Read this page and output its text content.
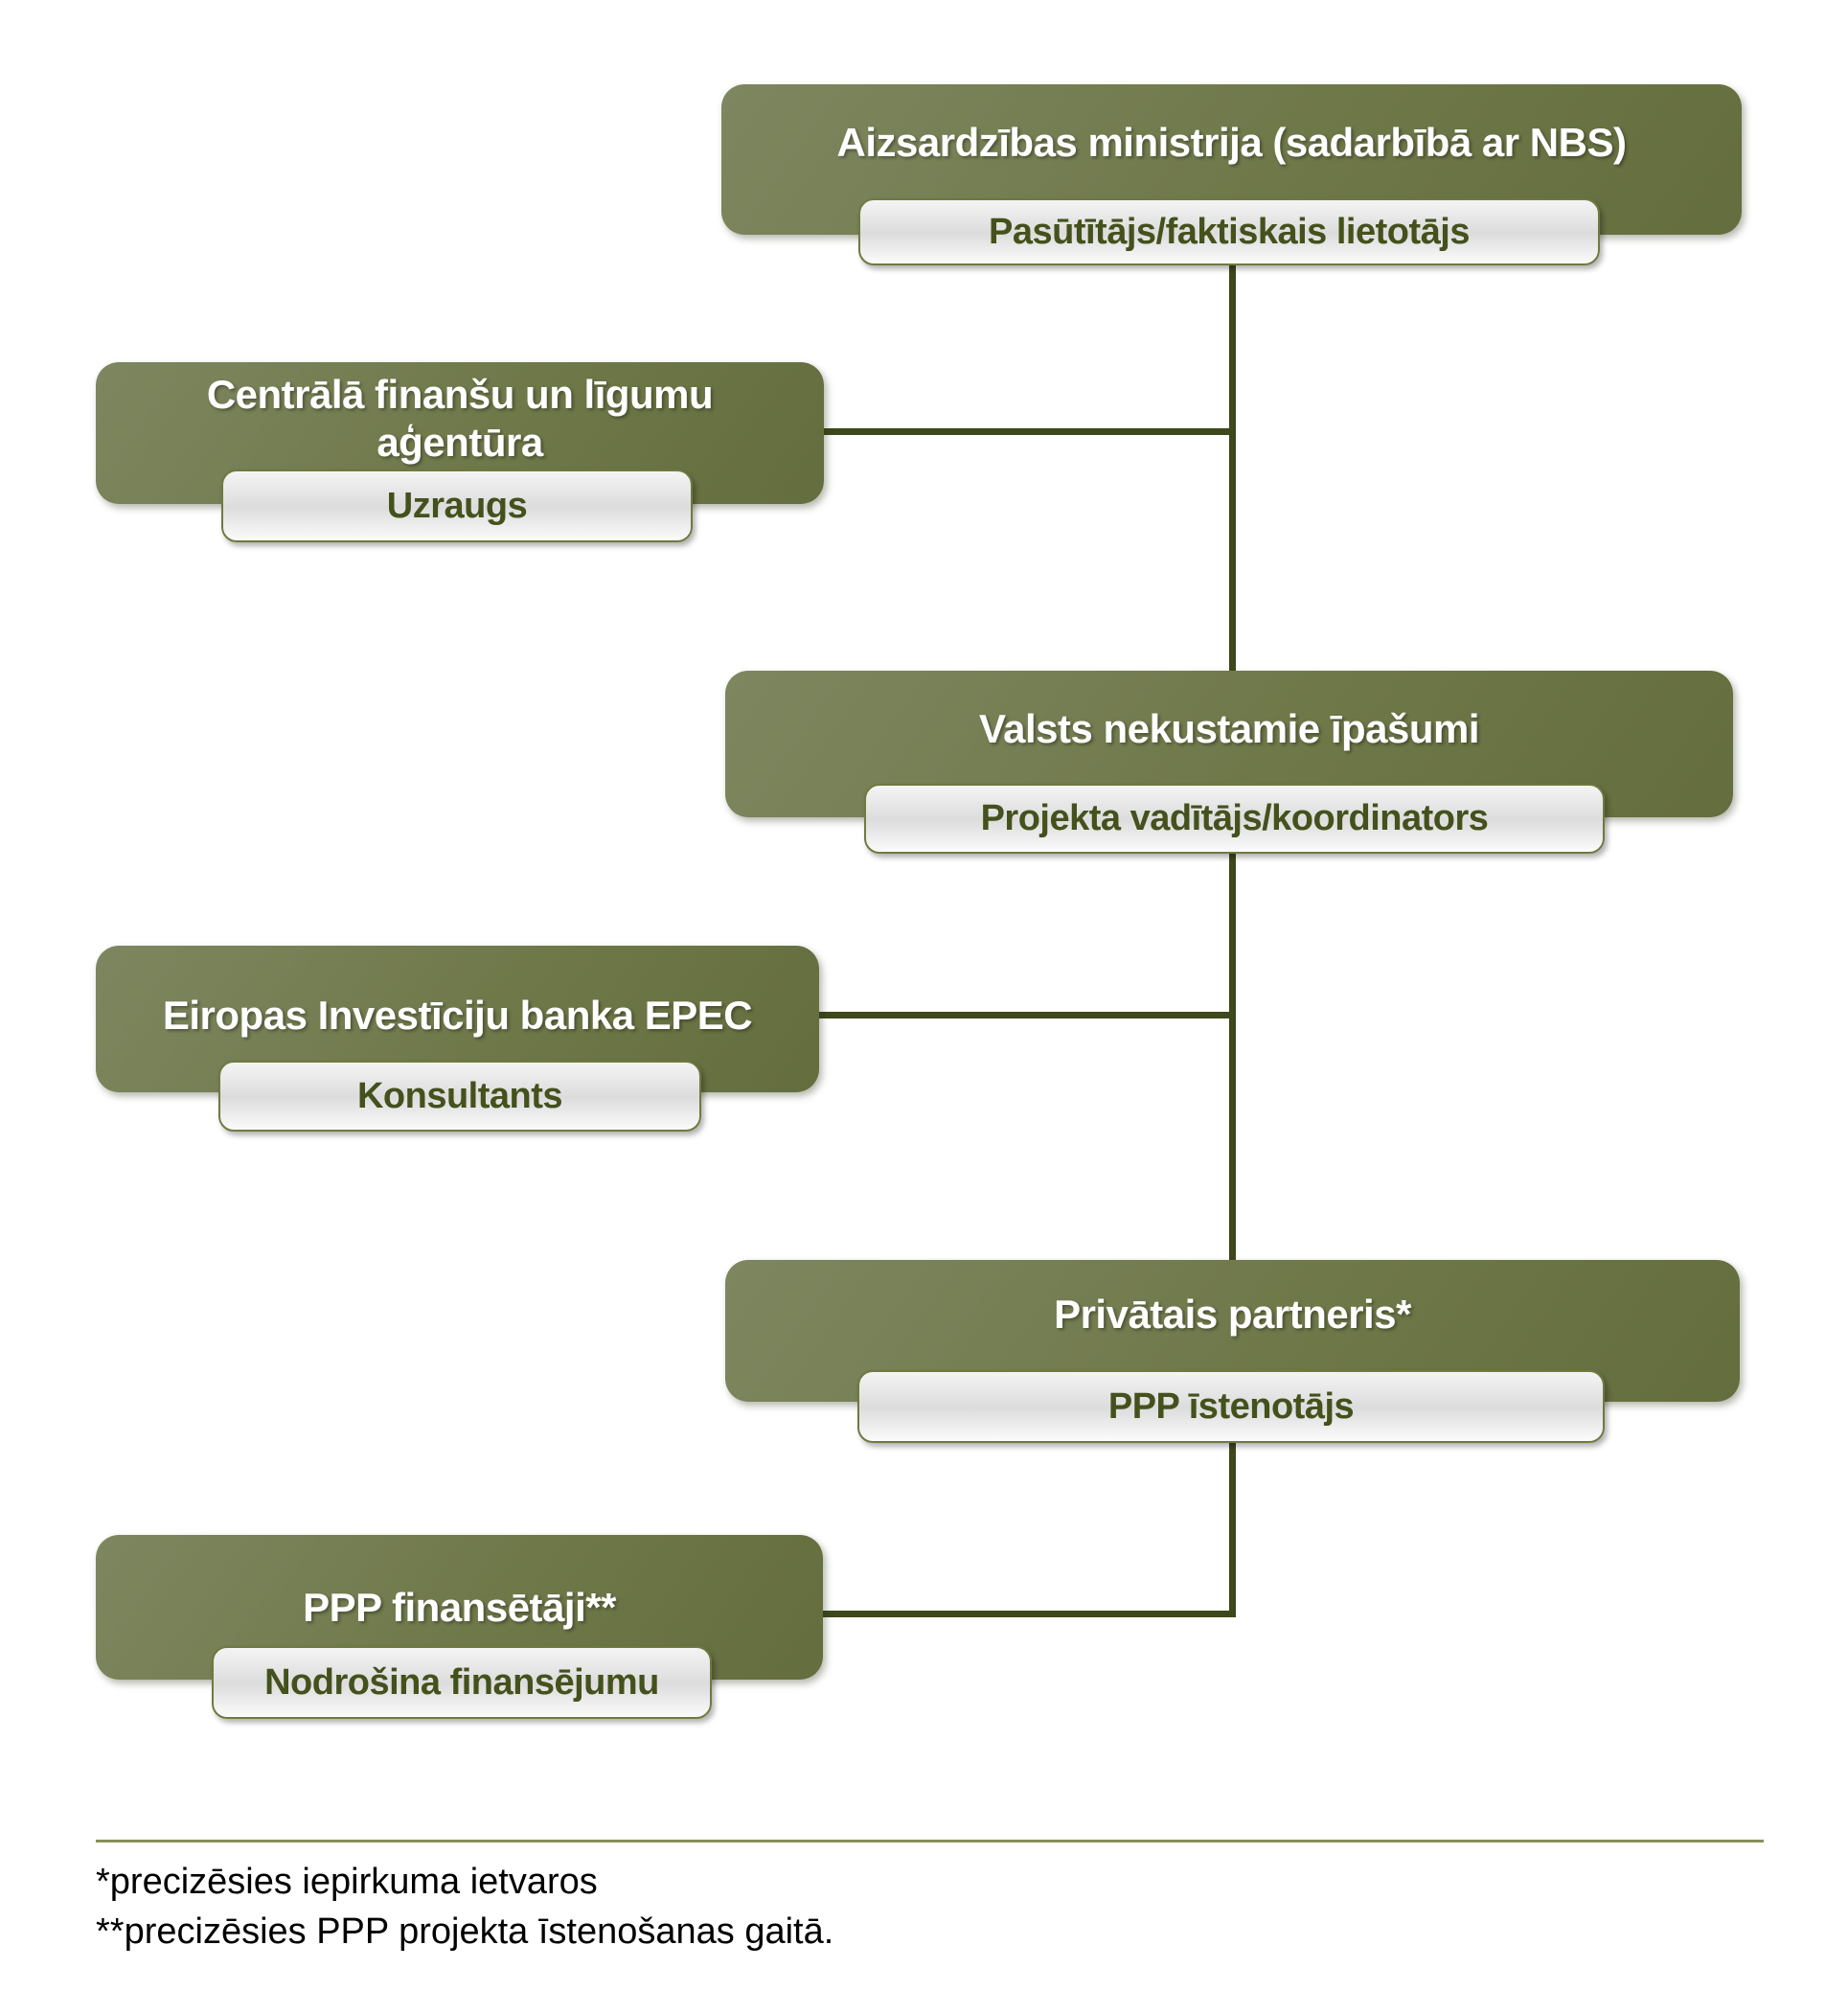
Aizsardzības ministrija (sadarbībā ar NBS)
Centrālā finanšu un līgumu aģentūra
Valsts nekustamie īpašumi
Eiropas Investīciju banka EPEC
Privātais partneris*
PPP finansētāji**
Pasūtītājs/faktiskais lietotājs
Uzraugs
Projekta vadītājs/koordinators
Konsultants
PPP īstenotājs
Nodrošina finansējumu

*precizēsies iepirkuma ietvaros

**precizēsies PPP projekta īstenošanas gaitā.
